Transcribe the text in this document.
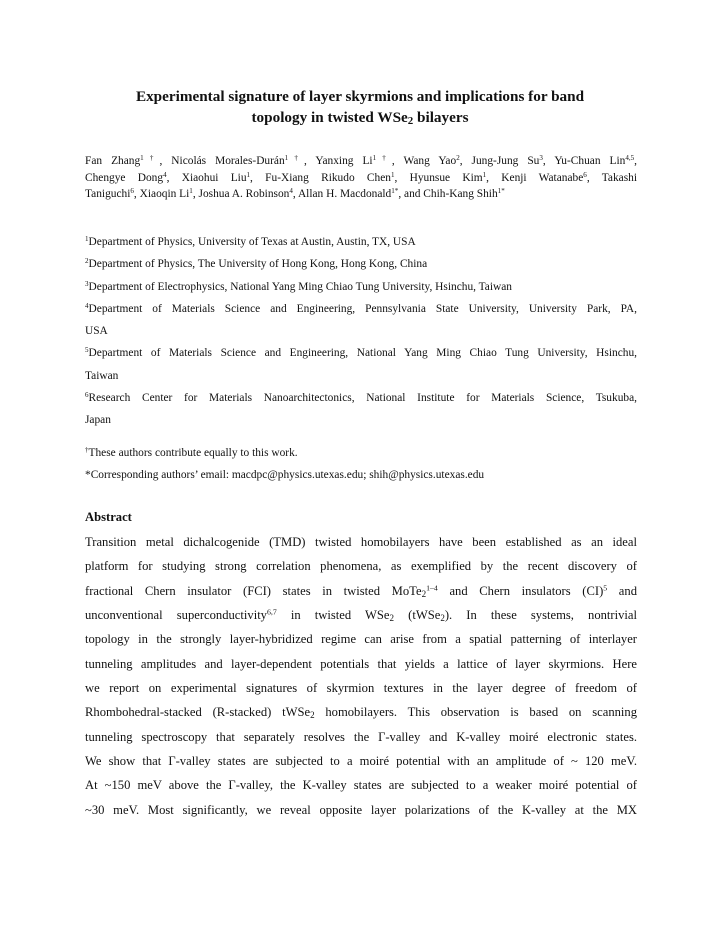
Experimental signature of layer skyrmions and implications for band
topology in twisted WSe$_2$ bilayers
Fan Zhang$^{1\dagger}$, Nicolás Morales-Durán$^{1\dagger}$, Yanxing $Li^{1\dagger}$, Wang Yao$^2$, Jung-Jung Su$^3$, Yu-Chuan Lin$^{4,5}$,
Chengye Dong$^4$, Xiaohui Liu$^1$, Fu-Xiang Rikudo Chen$^1$, Hyunsue Kim$^1$, Kenji Watanabe$^6$, Takashi
Taniguchi$^6$, Xiaoqin Li$^1$, Joshua A. Robinson$^4$, Allan H. Macdonald$^{1*}$, and Chih-Kang Shih$^{1*}$
$^1$Department of Physics, University of Texas at Austin, Austin, TX, USA
$^2$Department of Physics, The University of Hong Kong, Hong Kong, China
$^3$Department of Electrophysics, National Yang Ming Chiao Tung University, Hsinchu, Taiwan
$^4$Department of Materials Science and Engineering, Pennsylvania State University, University Park, PA,
USA
$^5$Department of Materials Science and Engineering, National Yang Ming Chiao Tung University, Hsinchu,
Taiwan
$^6$Research Center for Materials Nanoarchitectonics, National Institute for Materials Science, Tsukuba,
Japan
†These authors contribute equally to this work.
*Corresponding authors’ email: macdpc@physics.utexas.edu; shih@physics.utexas.edu
Abstract
Transition metal dichalcogenide (TMD) twisted homobilayers have been established as an ideal
platform for studying strong correlation phenomena, as exemplified by the recent discovery of
fractional Chern insulator (FCI) states in twisted MoTe$_2^{1-4}$ and Chern insulators (CI)$^5$ and
unconventional superconductivity$^{6,7}$ in twisted WSe$_2$ (tWSe$_2$). In these systems, nontrivial
topology in the strongly layer-hybridized regime can arise from a spatial patterning of interlayer
tunneling amplitudes and layer-dependent potentials that yields a lattice of layer skyrmions. Here
we report on experimental signatures of skyrmion textures in the layer degree of freedom of
Rhombohedral-stacked (R-stacked) tWSe$_2$ homobilayers. This observation is based on scanning
tunneling spectroscopy that separately resolves the Γ-valley and K-valley moiré electronic states.
We show that Γ-valley states are subjected to a moiré potential with an amplitude of ~ 120 meV.
At ~150 meV above the Γ-valley, the K-valley states are subjected to a weaker moiré potential of
~30 meV. Most significantly, we reveal opposite layer polarizations of the K-valley at the MX
